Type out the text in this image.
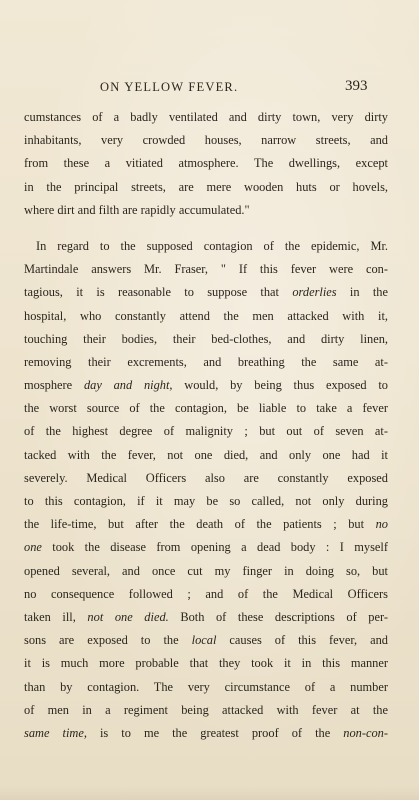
ON YELLOW FEVER.	393
cumstances of a badly ventilated and dirty town, very dirty
inhabitants, very crowded houses, narrow streets, and
from these a vitiated atmosphere. The dwellings, except
in the principal streets, are mere wooden huts or hovels,
where dirt and filth are rapidly accumulated."
In regard to the supposed contagion of the epidemic, Mr.
Martindale answers Mr. Fraser, " If this fever were con-
tagious, it is reasonable to suppose that orderlies in the
hospital, who constantly attend the men attacked with it,
touching their bodies, their bed-clothes, and dirty linen,
removing their excrements, and breathing the same at-
mosphere day and night, would, by being thus exposed to
the worst source of the contagion, be liable to take a fever
of the highest degree of malignity ; but out of seven at-
tacked with the fever, not one died, and only one had it
severely. Medical Officers also are constantly exposed
to this contagion, if it may be so called, not only during
the life-time, but after the death of the patients ; but no
one took the disease from opening a dead body : I myself
opened several, and once cut my finger in doing so, but
no consequence followed ; and of the Medical Officers
taken ill, not one died. Both of these descriptions of per-
sons are exposed to the local causes of this fever, and
it is much more probable that they took it in this manner
than by contagion. The very circumstance of a number
of men in a regiment being attacked with fever at the
same time, is to me the greatest proof of the non-con-
